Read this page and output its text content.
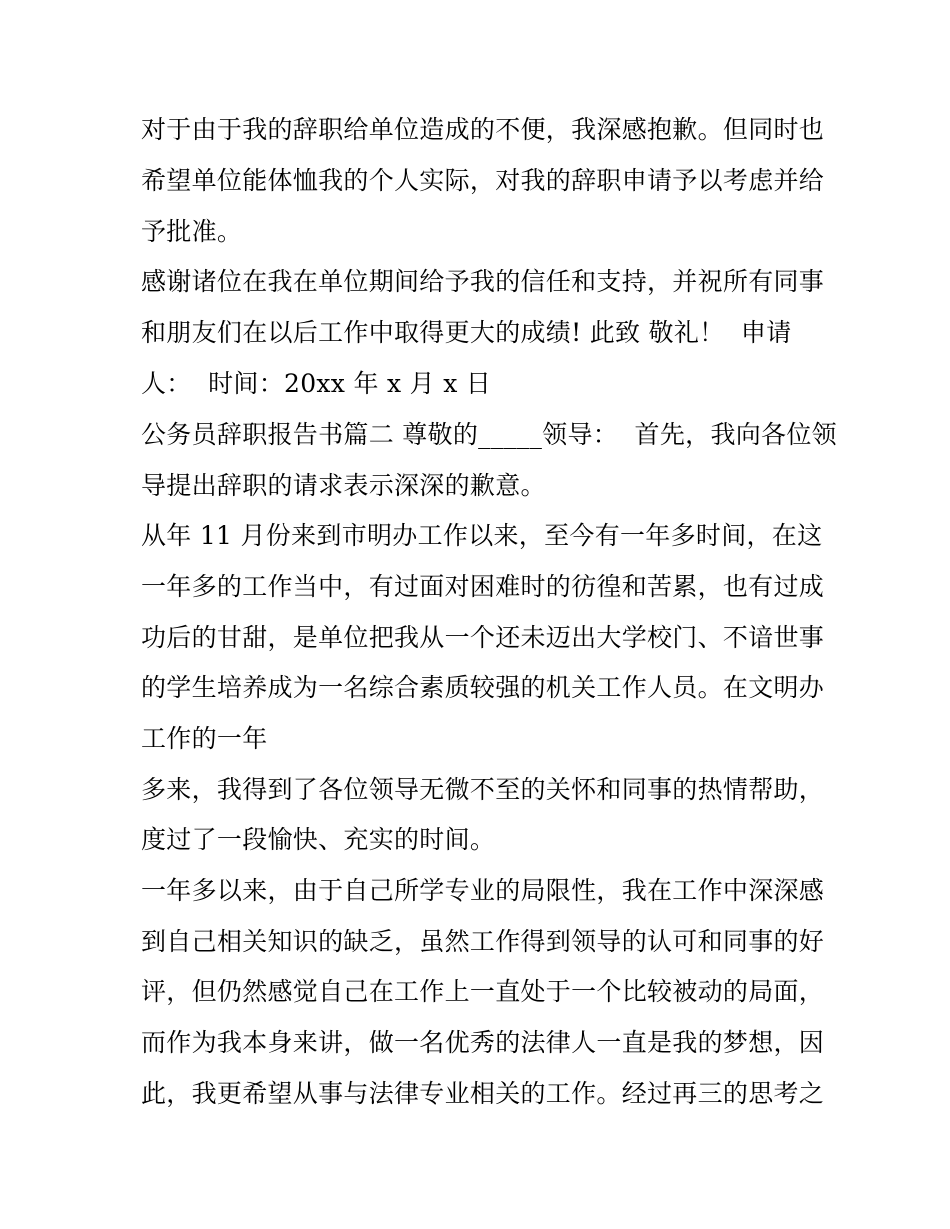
对于由于我的辞职给单位造成的不便，我深感抱歉。但同时也
希望单位能体恤我的个人实际，对我的辞职申请予以考虑并给
予批准。
感谢诸位在我在单位期间给予我的信任和支持，并祝所有同事
和朋友们在以后工作中取得更大的成绩! 此致 敬礼！  申请
人：  时间：20xx 年 x 月 x 日
公务员辞职报告书篇二 尊敬的_____领导：  首先，我向各位领
导提出辞职的请求表示深深的歉意。
从年 11 月份来到市明办工作以来，至今有一年多时间，在这
一年多的工作当中，有过面对困难时的彷徨和苦累，也有过成
功后的甘甜，是单位把我从一个还未迈出大学校门、不谙世事
的学生培养成为一名综合素质较强的机关工作人员。在文明办
工作的一年
多来，我得到了各位领导无微不至的关怀和同事的热情帮助，
度过了一段愉快、充实的时间。
一年多以来，由于自己所学专业的局限性，我在工作中深深感
到自己相关知识的缺乏，虽然工作得到领导的认可和同事的好
评，但仍然感觉自己在工作上一直处于一个比较被动的局面，
而作为我本身来讲，做一名优秀的法律人一直是我的梦想，因
此，我更希望从事与法律专业相关的工作。经过再三的思考之
